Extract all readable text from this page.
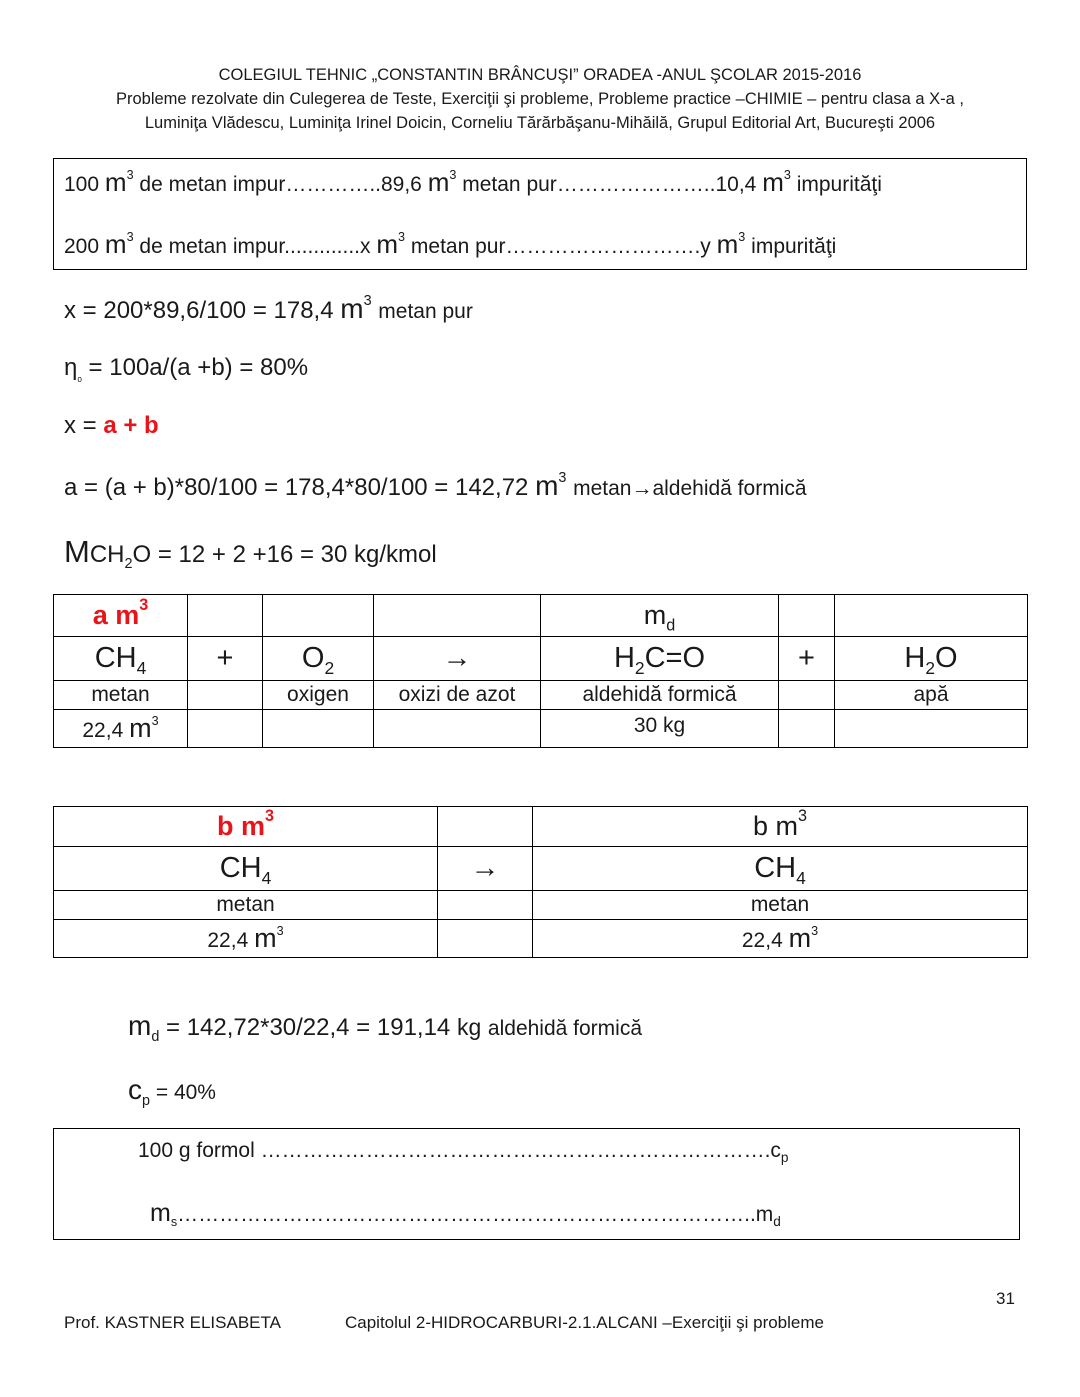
COLEGIUL TEHNIC „CONSTANTIN BRÂNCUŞI” ORADEA -ANUL ŞCOLAR 2015-2016
Probleme rezolvate din Culegerea de Teste, Exerciţii şi probleme, Probleme practice –CHIMIE – pentru clasa a X-a ,
Luminiţa Vlădescu, Luminiţa Irinel Doicin, Corneliu Tărărbăşanu-Mihăilă, Grupul Editorial Art, Bucureşti 2006
100 $m^3$ de metan impur…………..89,6 $m^3$ metan pur…………………..10,4 $m^3$ impurităţi
200 $m^3$ de metan impur.............x $m^3$ metan pur……………………….y $m^3$ impurităţi
x = 200*89,6/100 = 178,4 $m^3$ metan pur
$\eta_{_o} = 100a/(a +b) = 80\%$
x = a + b
a = (a + b)*80/100 = 178,4*80/100 = 142,72 $m^3$ metan→aldehidă formică
$MCH_2O = 12 + 2 +16 = 30$ kg/kmol
a $m^3$				$m_d$		
$CH_4$	+	$O_2$	→	$H_2C=O$	+	$H_2O$
metan		oxigen	oxizi de azot	aldehidă formică		apă
22,4 $m^3$				30 kg		
b $m^3$		b $m^3$
$CH_4$	→	$CH_4$
metan		metan
22,4 $m^3$		22,4 $m^3$
$m_d = 142,72*30/22,4 = 191,14$ kg aldehidă formică
$c_p = 40\%$
100 g formol $\dots\dots\dots\dots\dots\dots\dots\dots\dots\dots\dots\dots\dots\dots\dots\dots\dots\dots\dots\dots\dots\dots\dots\dots.c_p$
$m_s\dots\dots\dots\dots\dots\dots\dots\dots\dots\dots\dots\dots\dots\dots\dots\dots\dots\dots\dots\dots\dots\dots\dots\dots\dots\dots\dots..m_d$
31
Prof. KASTNER ELISABETA	Capitolul 2-HIDROCARBURI-2.1.ALCANI –Exerciţii şi probleme
